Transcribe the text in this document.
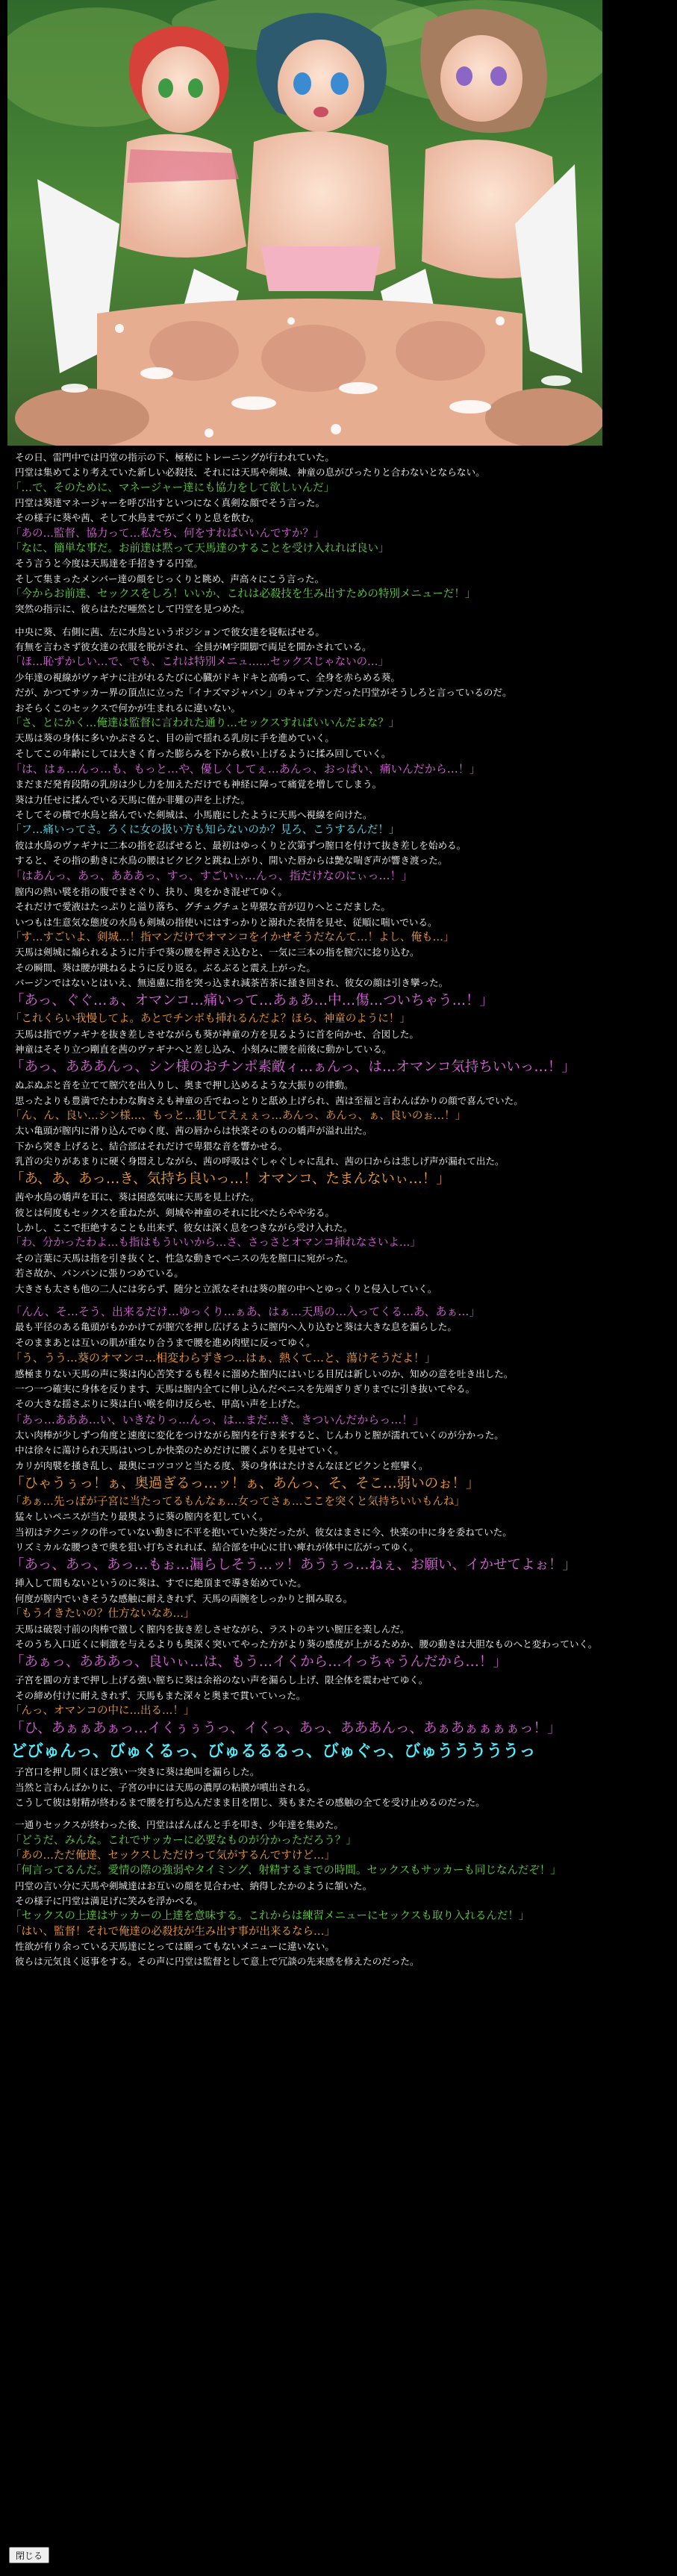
その日、雷門中では円堂の指示の下、極秘にトレーニングが行われていた。
円堂は集めてより考えていた新しい必殺技、それには天馬や剣城、神童の息がぴったりと合わないとならない。
「…で、そのために、マネージャー達にも協力をして欲しいんだ」
円堂は葵達マネージャーを呼び出すといつになく真剣な顔でそう言った。
その様子に葵や茜、そして水鳥までがごくりと息を飲む。
「あの…監督、協力って…私たち、何をすればいいんですか？」
「なに、簡単な事だ。お前達は黙って天馬達のすることを受け入れれば良い」
そう言うと今度は天馬達を手招きする円堂。
そして集まったメンバー達の顔をじっくりと眺め、声高々にこう言った。
「今からお前達、セックスをしろ！いいか、これは必殺技を生み出すための特別メニューだ！」
突然の指示に、彼らはただ唖然として円堂を見つめた。
中央に葵、右側に茜、左に水鳥というポジションで彼女達を寝転ばせる。
有無を言わさず彼女達の衣服を脱がされ、全員がM字開脚で両足を開かされている。
「ほ…恥ずかしい…で、でも、これは特別メニュ……セックスじゃないの…」
少年達の視線がヴァギナに注がれるたびに心臓がドキドキと高鳴って、全身を赤らめる葵。
だが、かつてサッカー界の頂点に立った「イナズマジャパン」のキャプテンだった円堂がそうしろと言っているのだ。
おそらくこのセックスで何かが生まれるに違いない。
「さ、とにかく…俺達は監督に言われた通り…セックスすればいいんだよな？」
天馬は葵の身体に多いかぶさると、目の前で揺れる乳房に手を進めていく。
そしてこの年齢にしては大きく育った膨らみを下から救い上げるように揉み回していく。
「は、はぁ…んっ…も、もっと…や、優しくしてぇ…あんっ、おっぱい、痛いんだから…！」
まだまだ発育段階の乳房は少し力を加えただけでも神経に障って痛覚を増してしまう。
葵は力任せに揉んでいる天馬に僅か非難の声を上げた。
そしてその横で水鳥と絡んでいた剣城は、小馬鹿にしたように天馬へ視線を向けた。
「フ…痛いってさ。ろくに女の扱い方も知らないのか？見ろ、こうするんだ！」
彼は水鳥のヴァギナに二本の指を忍ばせると、最初はゆっくりと次第ずつ膣口を付けて抜き差しを始める。
すると、その指の動きに水鳥の腰はビクビクと跳ね上がり、開いた唇からは艶な喘ぎ声が響き渡った。
「はあんっ、あっ、あああっ、すっ、すごいぃ…んっ、指だけなのにぃっ…！」
膣内の熱い襞を指の腹でまさぐり、抉り、奥をかき混ぜてゆく。
それだけで愛液はたっぷりと溢り落ち、グチュグチュと卑猥な音が辺りへとこだました。
いつもは生意気な態度の水鳥も剣城の指使いにはすっかりと溺れた表情を見せ、従順に喘いでいる。
「す…すごいよ、剣城…！指マンだけでオマンコをイかせそうだなんて…！よし、俺も…」
天馬は剣城に煽られるように片手で葵の腰を押さえ込むと、一気に三本の指を膣穴に捻り込む。
その瞬間、葵は腰が跳ねるように反り返る。ぶるぶると震え上がった。
バージンではないとはいえ、無遠慮に指を突っ込まれ減茶苦茶に掻き回され、彼女の顔は引き攣った。
「あっ、ぐぐ…ぁ、オマンコ…痛いって…あぁあ…中…傷…ついちゃう…！」
「これくらい我慢してよ。あとでチンポも挿れるんだよ？ほら、神童のように！」
天馬は指でヴァギナを抜き差しさせながらも葵が神童の方を見るように首を向かせ、合図した。
神童はそそり立つ剛直を茜のヴァギナへと差し込み、小刻みに腰を前後に動かしている。
「あっ、あああんっ、シン様のおチンポ素敵ィ…ぁんっ、は…オマンコ気持ちいいっ…！」
ぬぷぬぷと音を立てて膣穴を出入りし、奥まで押し込めるような大振りの律動。
思ったよりも豊満でたわわな胸さえも神童の舌でねっとりと舐め上げられ、茜は至福と言わんばかりの顔で喜んでいた。
「ん、ん、良い…シン様…、もっと…犯してえぇぇっ…あんっ、あんっ、ぁ、良いのぉ…！」
太い亀頭が膣内に滑り込んでゆく度、茜の唇からは快楽そのものの嬌声が溢れ出た。
下から突き上げると、結合部はそれだけで卑猥な音を響かせる。
乳首の尖りがあまりに硬く身悶えしながら、茜の呼吸はぐしゃぐしゃに乱れ、茜の口からは悲しげ声が漏れて出た。
「あ、あ、あっ…き、気持ち良いっ…！オマンコ、たまんないぃ…！」
茜や水鳥の嬌声を耳に、葵は困惑気味に天馬を見上げた。
彼とは何度もセックスを重ねたが、剣城や神童のそれに比べたらやや劣る。
しかし、ここで拒絶することも出来ず、彼女は深く息をつきながら受け入れた。
「わ、分かったわよ…も指はもういいから…さ、さっさとオマンコ挿れなさいよ…」
その言葉に天馬は指を引き抜くと、性急な動きでペニスの先を膣口に宛がった。
若さ故か、パンパンに張りつめている。
大きさも太さも他の二人には劣らず、随分と立派なそれは葵の膣の中へとゆっくりと侵入していく。
「んん、そ…そう、出来るだけ…ゆっくり…ぁあ、はぁ…天馬の…入ってくる…あ、あぁ…」
最も平径のある亀頭がもかかけてが膣穴を押し広げるように膣内へ入り込むと葵は大きな息を漏らした。
そのままあとは互いの肌が重なり合うまで腰を進め肉壁に反ってゆく。
「う、うう…葵のオマンコ…相変わらずきつ…はぁ、熱くて…と、蕩けそうだよ！」
感極まりない天馬の声に葵は内心苦笑するも程々に溜めた膣内にはいじる目尻は新しいのか、知めの意を吐き出した。
一つ一つ確実に身体を反ります、天馬は膣内全てに伸し込んだペニスを先端ぎりぎりまでに引き抜いてやる。
その大きな揺さぶりに葵は白い喉を仰け反らせ、甲高い声を上げた。
「あっ…あああ…い、いきなりっ…んっ、は…まだ…き、きついんだからっ…！」
太い肉棒が少しずつ角度と速度に変化をつけながら膣内を行き来すると、じんわりと膣が濡れていくのが分かった。
中は徐々に蕩けられ天馬はいつしか快楽のためだけに腰くぶりを見せていく。
カリが肉襞を掻き乱し、最奥にコツコツと当たる度、葵の身体はたけさんなほどピクンと痙攣く。
「ひゃうぅっ！ぁ、奥過ぎるっ…ッ！ぁ、あんっ、そ、そこ…弱いのぉ！」
「あぁ…先っぽが子宮に当たってるもんなぁ…女ってさぁ…ここを突くと気持ちいいもんね」
猛々しいペニスが当たり最奥ように葵の膣内を犯していく。
当初はテクニックの伴っていない動きに不平を抱いていた葵だったが、彼女はまさに今、快楽の中に身を委ねていた。
リズミカルな腰つきで奥を狙い打ちされれば、結合部を中心に甘い痺れが体中に広がってゆく。
「あっ、あっ、あっ…もぉ…漏らしそう…ッ！あうぅっ…ねぇ、お願い、イかせてよぉ！」
挿入して間もないというのに葵は、すでに絶頂まで導き始めていた。
何度が膣内でいきそうな感触に耐えきれず、天馬の両腕をしっかりと掴み取る。
「もうイきたいの？仕方ないなあ…」
天馬は破裂寸前の肉棒で激しく膣内を抜き差しさせながら、ラストのキツい膣圧を楽しんだ。
そのうち入口近くに刺激を与えるよりも奥深く突いてやった方がより葵の感度が上がるためか、腰の動きは大胆なものへと変わっていく。
「あぁっ、あああっ、良いぃ…は、もう…イくから…イっちゃうんだから…！」
子宮を圓の方まで押し上げる強い膣ちに葵は余裕のない声を漏らし上げ、限全体を震わせてゆく。
その締め付けに耐えきれず、天馬もまた深々と奥まで貫いていった。
「んっ、オマンコの中に…出る…！」
「ひ、あぁぁあぁっ…イくぅぅうっ、イくっ、あっ、あああんっ、あぁあぁぁぁぁっ！」
どびゅんっ、びゅくるっ、びゅるるるっ、びゅぐっ、びゅうううううっ
子宮口を押し開くほど強い一突きに葵は絶叫を漏らした。
当然と言わんばかりに、子宮の中には天馬の濃厚の粘膜が噴出される。
こうして彼は射精が終わるまで腰を打ち込んだまま目を閉じ、葵もまたその感触の全てを受け止めるのだった。
一通りセックスが終わった後、円堂はぱんぱんと手を叩き、少年達を集めた。
「どうだ、みんな。これでサッカーに必要なものが分かっただろう？」
「あの…ただ俺達、セックスしただけって気がするんですけど…」
「何言ってるんだ。愛情の際の強弱やタイミング、射精するまでの時間。セックスもサッカーも同じなんだぞ！」
円堂の言い分に天馬や剣城達はお互いの顔を見合わせ、納得したかのように頷いた。
その様子に円堂は満足げに笑みを浮かべる。
「セックスの上達はサッカーの上達を意味する。これからは練習メニューにセックスも取り入れるんだ！」
「はい、監督！それで俺達の必殺技が生み出す事が出来るなら…」
性欲が有り余っている天馬達にとっては願ってもないメニューに違いない。
彼らは元気良く返事をする。その声に円堂は監督として意上で冗談の先来感を修えたのだった。
閉じる
